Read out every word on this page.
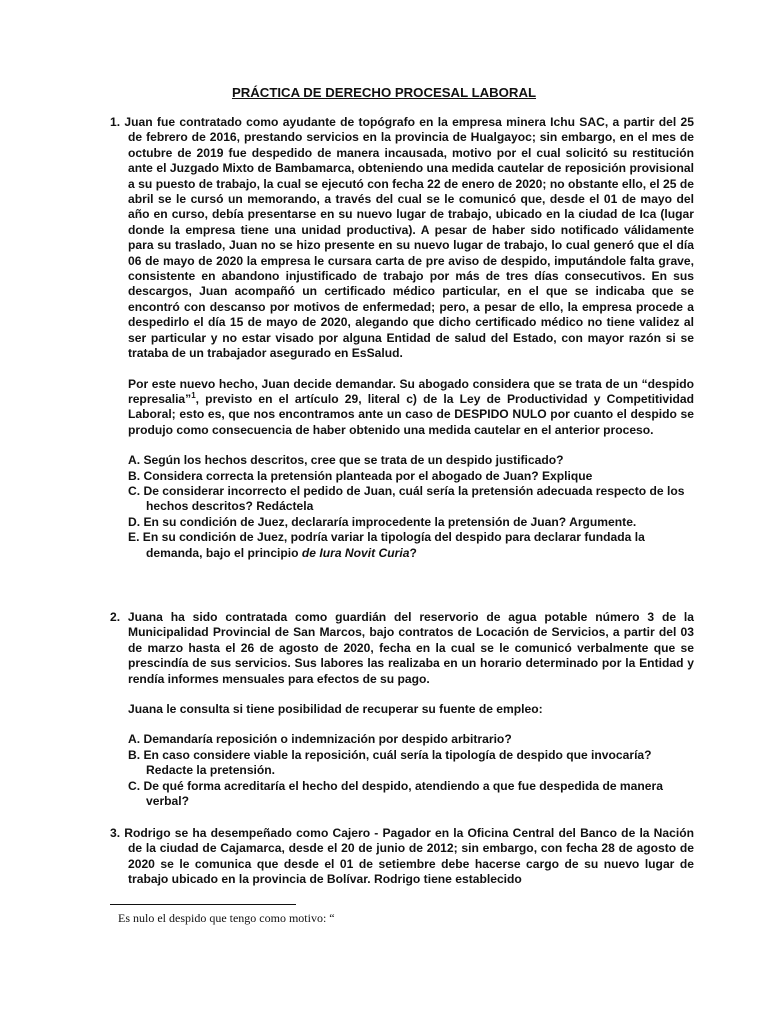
PRÁCTICA DE DERECHO PROCESAL LABORAL
1. Juan fue contratado como ayudante de topógrafo en la empresa minera Ichu SAC, a partir del 25 de febrero de 2016, prestando servicios en la provincia de Hualgayoc; sin embargo, en el mes de octubre de 2019 fue despedido de manera incausada, motivo por el cual solicitó su restitución ante el Juzgado Mixto de Bambamarca, obteniendo una medida cautelar de reposición provisional a su puesto de trabajo, la cual se ejecutó con fecha 22 de enero de 2020; no obstante ello, el 25 de abril se le cursó un memorando, a través del cual se le comunicó que, desde el 01 de mayo del año en curso, debía presentarse en su nuevo lugar de trabajo, ubicado en la ciudad de Ica (lugar donde la empresa tiene una unidad productiva). A pesar de haber sido notificado válidamente para su traslado, Juan no se hizo presente en su nuevo lugar de trabajo, lo cual generó que el día 06 de mayo de 2020 la empresa le cursara carta de pre aviso de despido, imputándole falta grave, consistente en abandono injustificado de trabajo por más de tres días consecutivos. En sus descargos, Juan acompañó un certificado médico particular, en el que se indicaba que se encontró con descanso por motivos de enfermedad; pero, a pesar de ello, la empresa procede a despedirlo el día 15 de mayo de 2020, alegando que dicho certificado médico no tiene validez al ser particular y no estar visado por alguna Entidad de salud del Estado, con mayor razón si se trataba de un trabajador asegurado en EsSalud.
Por este nuevo hecho, Juan decide demandar. Su abogado considera que se trata de un “despido represalia”$^1$, previsto en el artículo 29, literal c) de la Ley de Productividad y Competitividad Laboral; esto es, que nos encontramos ante un caso de DESPIDO NULO por cuanto el despido se produjo como consecuencia de haber obtenido una medida cautelar en el anterior proceso.
A. Según los hechos descritos, cree que se trata de un despido justificado?
B. Considera correcta la pretensión planteada por el abogado de Juan? Explique
C. De considerar incorrecto el pedido de Juan, cuál sería la pretensión adecuada respecto de los hechos descritos? Redáctela
D. En su condición de Juez, declararía improcedente la pretensión de Juan? Argumente.
E. En su condición de Juez, podría variar la tipología del despido para declarar fundada la demanda, bajo el principio de Iura Novit Curia?
2. Juana ha sido contratada como guardián del reservorio de agua potable número 3 de la Municipalidad Provincial de San Marcos, bajo contratos de Locación de Servicios, a partir del 03 de marzo hasta el 26 de agosto de 2020, fecha en la cual se le comunicó verbalmente que se prescindía de sus servicios. Sus labores las realizaba en un horario determinado por la Entidad y rendía informes mensuales para efectos de su pago.
Juana le consulta si tiene posibilidad de recuperar su fuente de empleo:
A. Demandaría reposición o indemnización por despido arbitrario?
B. En caso considere viable la reposición, cuál sería la tipología de despido que invocaría? Redacte la pretensión.
C. De qué forma acreditaría el hecho del despido, atendiendo a que fue despedida de manera verbal?
3. Rodrigo se ha desempeñado como Cajero - Pagador en la Oficina Central del Banco de la Nación de la ciudad de Cajamarca, desde el 20 de junio de 2012; sin embargo, con fecha 28 de agosto de 2020 se le comunica que desde el 01 de setiembre debe hacerse cargo de su nuevo lugar de trabajo ubicado en la provincia de Bolívar. Rodrigo tiene establecido
Es nulo el despido que tengo como motivo: “
